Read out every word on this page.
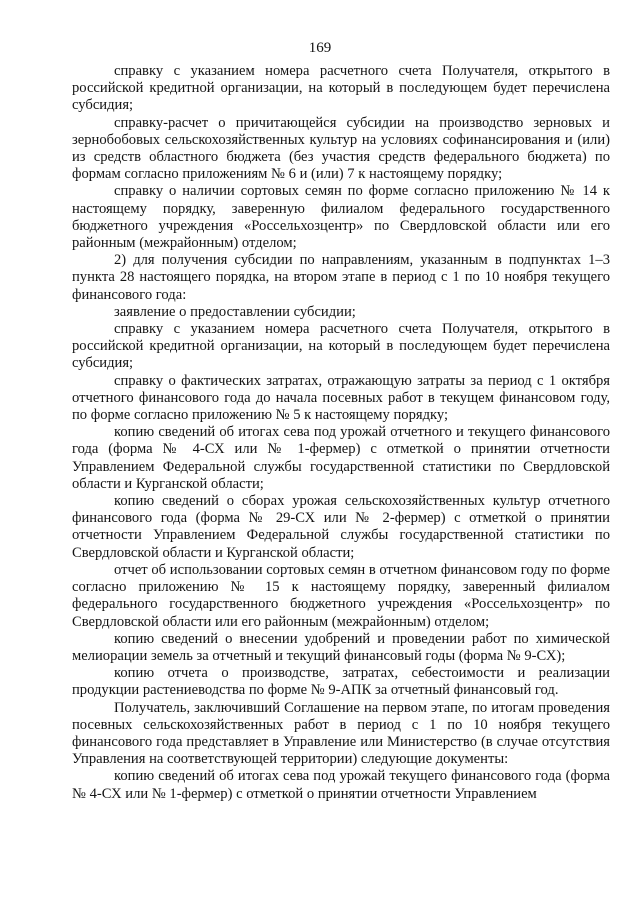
169

справку с указанием номера расчетного счета Получателя, открытого в российской кредитной организации, на который в последующем будет перечислена субсидия;

справку-расчет о причитающейся субсидии на производство зерновых и зернобобовых сельскохозяйственных культур на условиях софинансирования и (или) из средств областного бюджета (без участия средств федерального бюджета) по формам согласно приложениям № 6 и (или) 7 к настоящему порядку;

справку о наличии сортовых семян по форме согласно приложению № 14 к настоящему порядку, заверенную филиалом федерального государственного бюджетного учреждения «Россельхозцентр» по Свердловской области или его районным (межрайонным) отделом;

2) для получения субсидии по направлениям, указанным в подпунктах 1–3 пункта 28 настоящего порядка, на втором этапе в период с 1 по 10 ноября текущего финансового года:

заявление о предоставлении субсидии;

справку с указанием номера расчетного счета Получателя, открытого в российской кредитной организации, на который в последующем будет перечислена субсидия;

справку о фактических затратах, отражающую затраты за период с 1 октября отчетного финансового года до начала посевных работ в текущем финансовом году, по форме согласно приложению № 5 к настоящему порядку;

копию сведений об итогах сева под урожай отчетного и текущего финансового года (форма № 4-СХ или № 1-фермер) с отметкой о принятии отчетности Управлением Федеральной службы государственной статистики по Свердловской области и Курганской области;

копию сведений о сборах урожая сельскохозяйственных культур отчетного финансового года (форма № 29-СХ или № 2-фермер) с отметкой о принятии отчетности Управлением Федеральной службы государственной статистики по Свердловской области и Курганской области;

отчет об использовании сортовых семян в отчетном финансовом году по форме согласно приложению № 15 к настоящему порядку, заверенный филиалом федерального государственного бюджетного учреждения «Россельхозцентр» по Свердловской области или его районным (межрайонным) отделом;

копию сведений о внесении удобрений и проведении работ по химической мелиорации земель за отчетный и текущий финансовый годы (форма № 9-СХ);

копию отчета о производстве, затратах, себестоимости и реализации продукции растениеводства по форме № 9-АПК за отчетный финансовый год.

Получатель, заключивший Соглашение на первом этапе, по итогам проведения посевных сельскохозяйственных работ в период с 1 по 10 ноября текущего финансового года представляет в Управление или Министерство (в случае отсутствия Управления на соответствующей территории) следующие документы:

копию сведений об итогах сева под урожай текущего финансового года (форма № 4-СХ или № 1-фермер) с отметкой о принятии отчетности Управлением
